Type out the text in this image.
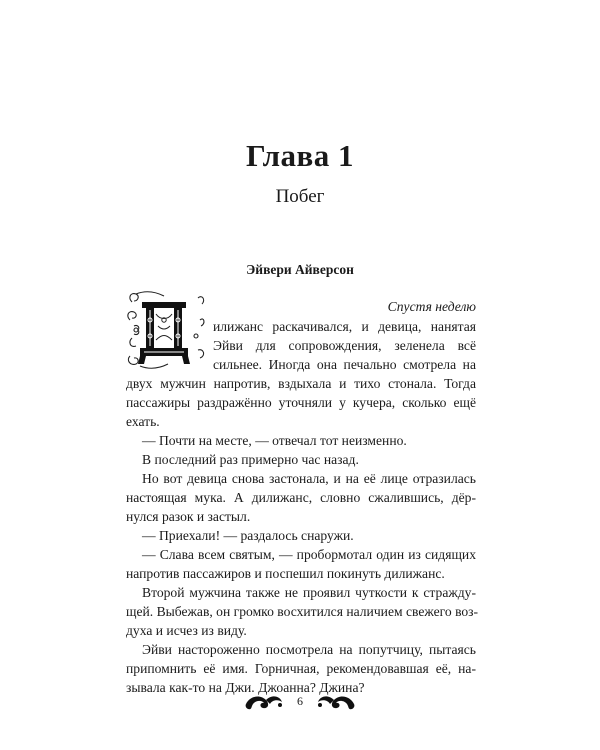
Глава 1
Побег
Эйвери Айверсон
Спустя неделю
илижанс раскачивался, и девица, нанятая
Эйви для сопровождения, зеленела всё
сильнее. Иногда она печально смотрела на
двух мужчин напротив, вздыхала и тихо стонала. Тогда
пассажиры раздражённо уточняли у кучера, сколько ещё
ехать.
— Почти на месте, — отвечал тот неизменно.
В последний раз примерно час назад.
Но вот девица снова застонала, и на её лице отразилась
настоящая мука. А дилижанс, словно сжалившись, дёр-
нулся разок и застыл.
— Приехали! — раздалось снаружи.
— Слава всем святым, — пробормотал один из сидящих
напротив пассажиров и поспешил покинуть дилижанс.
Второй мужчина также не проявил чуткости к стражду-
щей. Выбежав, он громко восхитился наличием свежего воз-
духа и исчез из виду.
Эйви настороженно посмотрела на попутчицу, пытаясь
припомнить её имя. Горничная, рекомендовавшая её, на-
зывала как-то на Джи. Джоанна? Джина?
6
